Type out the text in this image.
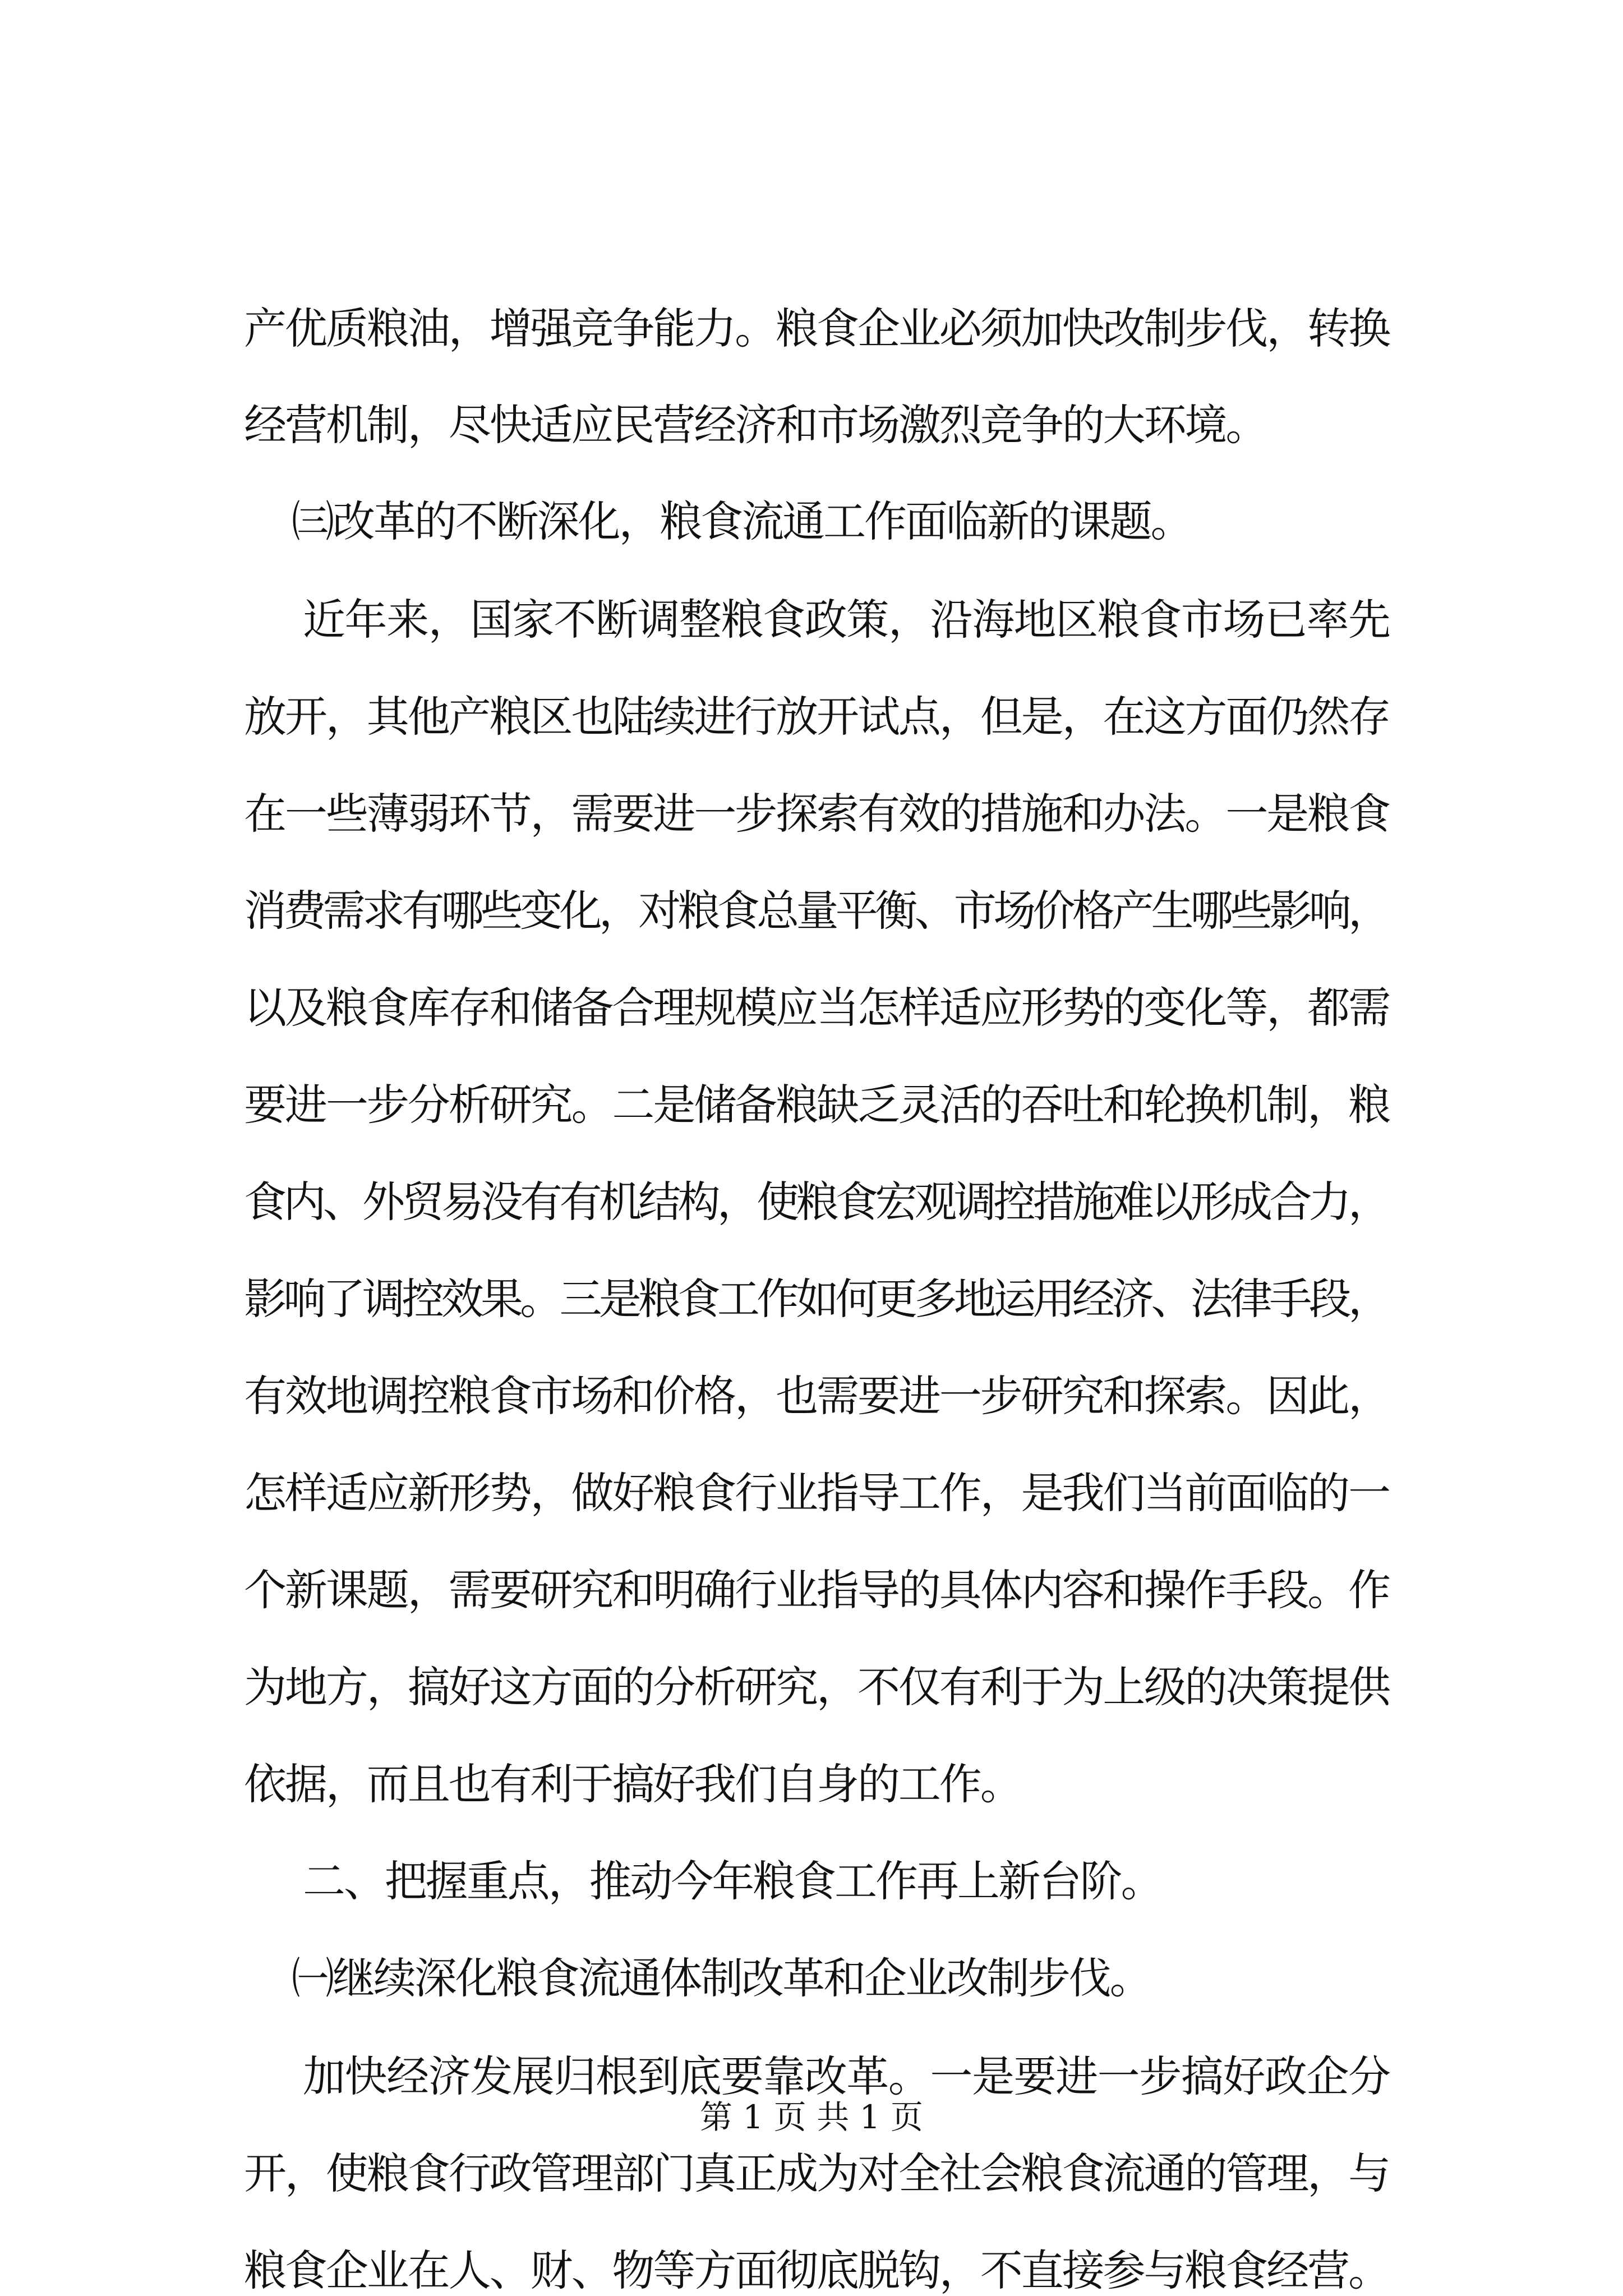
产优质粮油，增强竞争能力。粮食企业必须加快改制步伐，转换
经营机制，尽快适应民营经济和市场激烈竞争的大环境。
㈢改革的不断深化，粮食流通工作面临新的课题。
近年来，国家不断调整粮食政策，沿海地区粮食市场已率先
放开，其他产粮区也陆续进行放开试点，但是，在这方面仍然存
在一些薄弱环节，需要进一步探索有效的措施和办法。一是粮食
消费需求有哪些变化，对粮食总量平衡、市场价格产生哪些影响，
以及粮食库存和储备合理规模应当怎样适应形势的变化等，都需
要进一步分析研究。二是储备粮缺乏灵活的吞吐和轮换机制，粮
食内、外贸易没有有机结构，使粮食宏观调控措施难以形成合力，
影响了调控效果。三是粮食工作如何更多地运用经济、法律手段，
有效地调控粮食市场和价格，也需要进一步研究和探索。因此，
怎样适应新形势，做好粮食行业指导工作，是我们当前面临的一
个新课题，需要研究和明确行业指导的具体内容和操作手段。作
为地方，搞好这方面的分析研究，不仅有利于为上级的决策提供
依据，而且也有利于搞好我们自身的工作。
二、把握重点，推动今年粮食工作再上新台阶。
㈠继续深化粮食流通体制改革和企业改制步伐。
加快经济发展归根到底要靠改革。一是要进一步搞好政企分
开，使粮食行政管理部门真正成为对全社会粮食流通的管理，与
粮食企业在人、财、物等方面彻底脱钩，不直接参与粮食经营。
第 1 页 共 1 页
